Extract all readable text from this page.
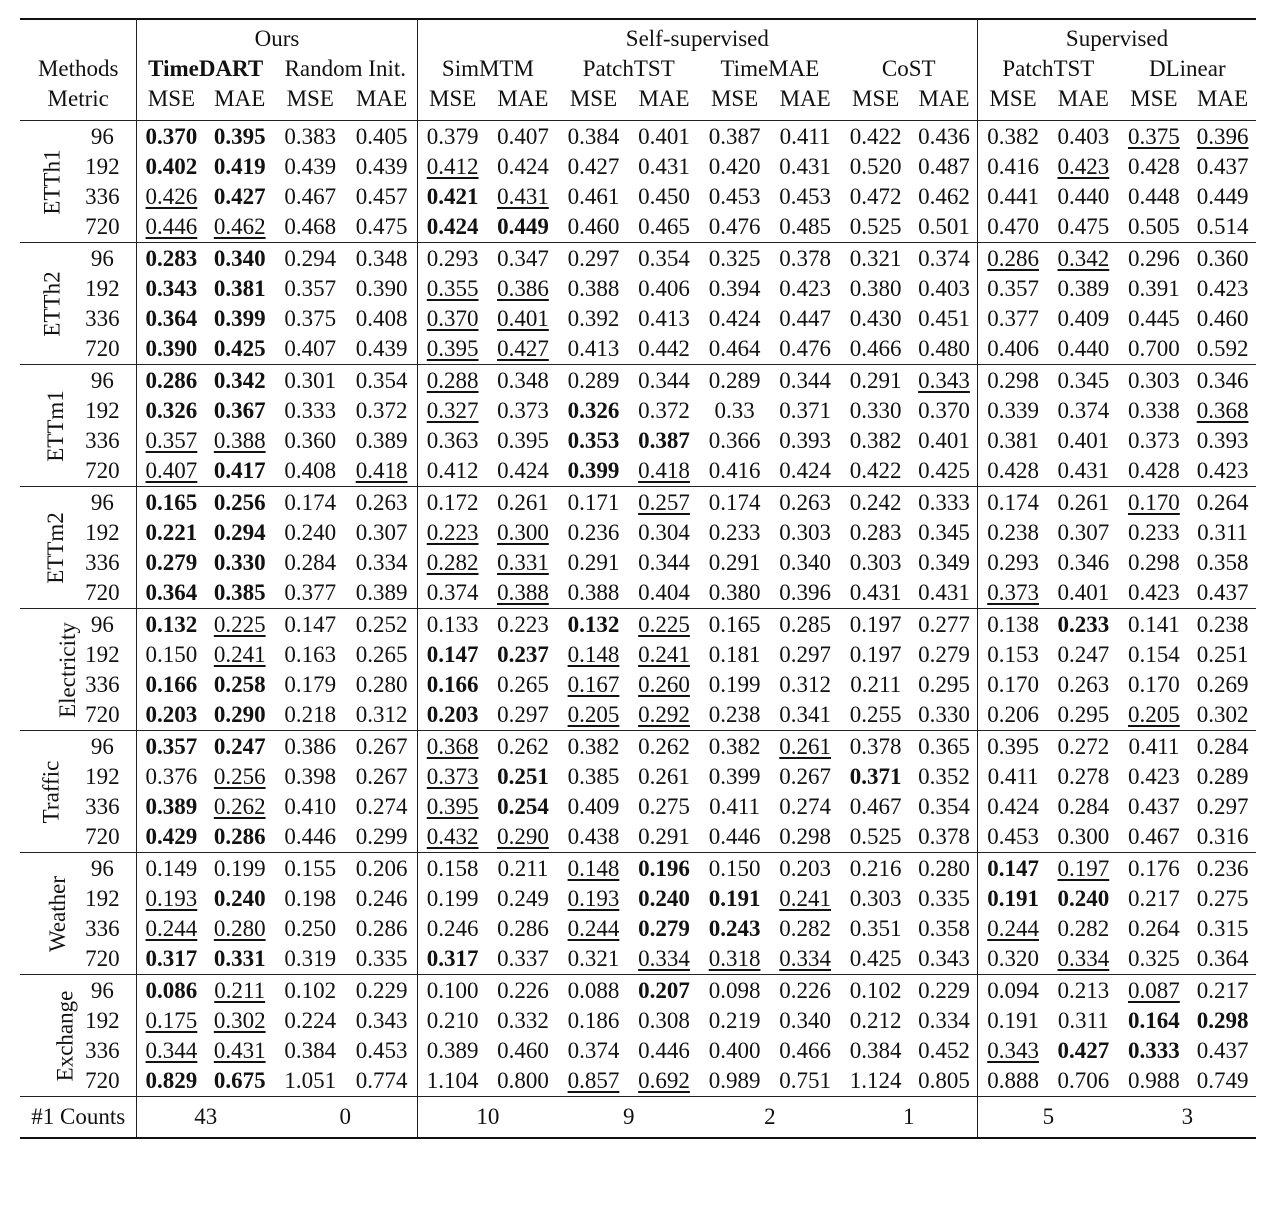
		Ours				Self-supervised								Supervised			
Methods		TimeDART		Random Init.		SimMTM		PatchTST		TimeMAE		CoST		PatchTST		DLinear	
Metric		MSE	MAE	MSE	MAE	MSE	MAE	MSE	MAE	MSE	MAE	MSE	MAE	MSE	MAE	MSE	MAE
ETTh1	96	0.370	0.395	0.383	0.405	0.379	0.407	0.384	0.401	0.387	0.411	0.422	0.436	0.382	0.403	0.375	0.396
	192	0.402	0.419	0.439	0.439	0.412	0.424	0.427	0.431	0.420	0.431	0.520	0.487	0.416	0.423	0.428	0.437
	336	0.426	0.427	0.467	0.457	0.421	0.431	0.461	0.450	0.453	0.453	0.472	0.462	0.441	0.440	0.448	0.449
	720	0.446	0.462	0.468	0.475	0.424	0.449	0.460	0.465	0.476	0.485	0.525	0.501	0.470	0.475	0.505	0.514
ETTh2	96	0.283	0.340	0.294	0.348	0.293	0.347	0.297	0.354	0.325	0.378	0.321	0.374	0.286	0.342	0.296	0.360
	192	0.343	0.381	0.357	0.390	0.355	0.386	0.388	0.406	0.394	0.423	0.380	0.403	0.357	0.389	0.391	0.423
	336	0.364	0.399	0.375	0.408	0.370	0.401	0.392	0.413	0.424	0.447	0.430	0.451	0.377	0.409	0.445	0.460
	720	0.390	0.425	0.407	0.439	0.395	0.427	0.413	0.442	0.464	0.476	0.466	0.480	0.406	0.440	0.700	0.592
ETTm1	96	0.286	0.342	0.301	0.354	0.288	0.348	0.289	0.344	0.289	0.344	0.291	0.343	0.298	0.345	0.303	0.346
	192	0.326	0.367	0.333	0.372	0.327	0.373	0.326	0.372	0.33	0.371	0.330	0.370	0.339	0.374	0.338	0.368
	336	0.357	0.388	0.360	0.389	0.363	0.395	0.353	0.387	0.366	0.393	0.382	0.401	0.381	0.401	0.373	0.393
	720	0.407	0.417	0.408	0.418	0.412	0.424	0.399	0.418	0.416	0.424	0.422	0.425	0.428	0.431	0.428	0.423
ETTm2	96	0.165	0.256	0.174	0.263	0.172	0.261	0.171	0.257	0.174	0.263	0.242	0.333	0.174	0.261	0.170	0.264
	192	0.221	0.294	0.240	0.307	0.223	0.300	0.236	0.304	0.233	0.303	0.283	0.345	0.238	0.307	0.233	0.311
	336	0.279	0.330	0.284	0.334	0.282	0.331	0.291	0.344	0.291	0.340	0.303	0.349	0.293	0.346	0.298	0.358
	720	0.364	0.385	0.377	0.389	0.374	0.388	0.388	0.404	0.380	0.396	0.431	0.431	0.373	0.401	0.423	0.437
Electricity	96	0.132	0.225	0.147	0.252	0.133	0.223	0.132	0.225	0.165	0.285	0.197	0.277	0.138	0.233	0.141	0.238
	192	0.150	0.241	0.163	0.265	0.147	0.237	0.148	0.241	0.181	0.297	0.197	0.279	0.153	0.247	0.154	0.251
	336	0.166	0.258	0.179	0.280	0.166	0.265	0.167	0.260	0.199	0.312	0.211	0.295	0.170	0.263	0.170	0.269
	720	0.203	0.290	0.218	0.312	0.203	0.297	0.205	0.292	0.238	0.341	0.255	0.330	0.206	0.295	0.205	0.302
Traffic	96	0.357	0.247	0.386	0.267	0.368	0.262	0.382	0.262	0.382	0.261	0.378	0.365	0.395	0.272	0.411	0.284
	192	0.376	0.256	0.398	0.267	0.373	0.251	0.385	0.261	0.399	0.267	0.371	0.352	0.411	0.278	0.423	0.289
	336	0.389	0.262	0.410	0.274	0.395	0.254	0.409	0.275	0.411	0.274	0.467	0.354	0.424	0.284	0.437	0.297
	720	0.429	0.286	0.446	0.299	0.432	0.290	0.438	0.291	0.446	0.298	0.525	0.378	0.453	0.300	0.467	0.316
Weather	96	0.149	0.199	0.155	0.206	0.158	0.211	0.148	0.196	0.150	0.203	0.216	0.280	0.147	0.197	0.176	0.236
	192	0.193	0.240	0.198	0.246	0.199	0.249	0.193	0.240	0.191	0.241	0.303	0.335	0.191	0.240	0.217	0.275
	336	0.244	0.280	0.250	0.286	0.246	0.286	0.244	0.279	0.243	0.282	0.351	0.358	0.244	0.282	0.264	0.315
	720	0.317	0.331	0.319	0.335	0.317	0.337	0.321	0.334	0.318	0.334	0.425	0.343	0.320	0.334	0.325	0.364
Exchange	96	0.086	0.211	0.102	0.229	0.100	0.226	0.088	0.207	0.098	0.226	0.102	0.229	0.094	0.213	0.087	0.217
	192	0.175	0.302	0.224	0.343	0.210	0.332	0.186	0.308	0.219	0.340	0.212	0.334	0.191	0.311	0.164	0.298
	336	0.344	0.431	0.384	0.453	0.389	0.460	0.374	0.446	0.400	0.466	0.384	0.452	0.343	0.427	0.333	0.437
	720	0.829	0.675	1.051	0.774	1.104	0.800	0.857	0.692	0.989	0.751	1.124	0.805	0.888	0.706	0.988	0.749
#1 Counts		43		0		10		9		2		1		5		3	
